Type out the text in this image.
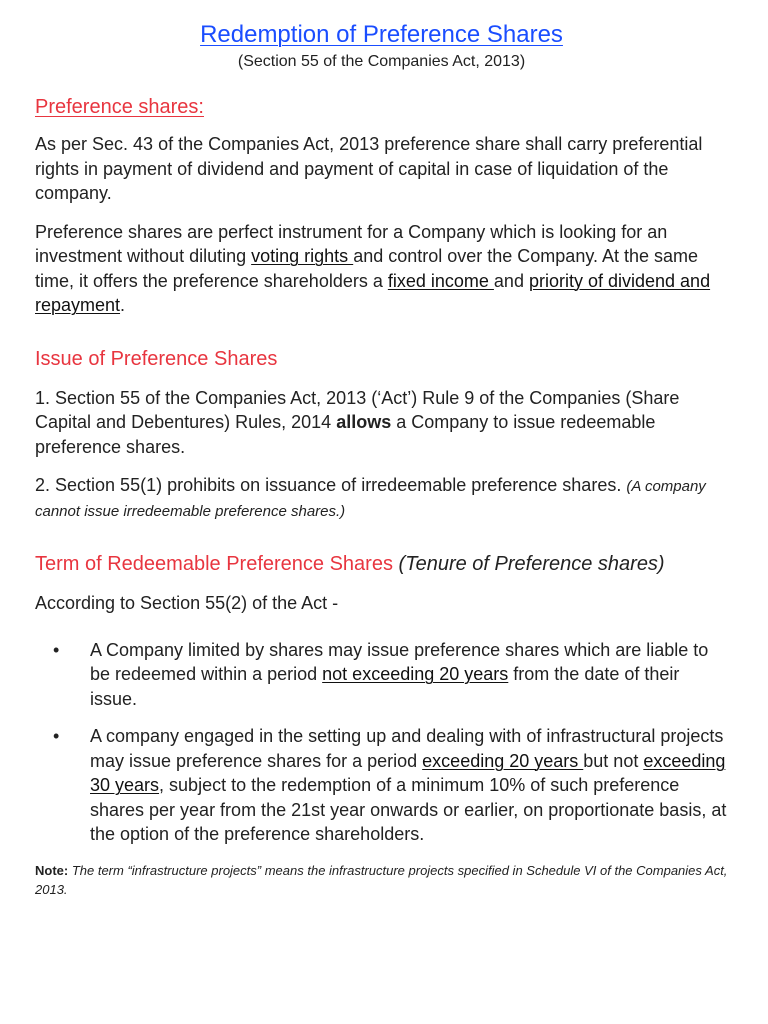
Redemption of Preference Shares
(Section 55 of the Companies Act, 2013)
Preference shares:
As per Sec. 43 of the Companies Act, 2013 preference share shall carry preferential rights in payment of dividend and payment of capital in case of liquidation of the company.
Preference shares are perfect instrument for a Company which is looking for an investment without diluting voting rights and control over the Company. At the same time, it offers the preference shareholders a fixed income and priority of dividend and repayment.
Issue of Preference Shares
1. Section 55 of the Companies Act, 2013 (‘Act’) Rule 9 of the Companies (Share Capital and Debentures) Rules, 2014 allows a Company to issue redeemable preference shares.
2. Section 55(1) prohibits on issuance of irredeemable preference shares. (A company cannot issue irredeemable preference shares.)
Term of Redeemable Preference Shares (Tenure of Preference shares)
According to Section 55(2) of the Act -
• A Company limited by shares may issue preference shares which are liable to be redeemed within a period not exceeding 20 years from the date of their issue.
• A company engaged in the setting up and dealing with of infrastructural projects may issue preference shares for a period exceeding 20 years but not exceeding 30 years, subject to the redemption of a minimum 10% of such preference shares per year from the 21st year onwards or earlier, on proportionate basis, at the option of the preference shareholders.
Note: The term “infrastructure projects” means the infrastructure projects specified in Schedule VI of the Companies Act, 2013.
